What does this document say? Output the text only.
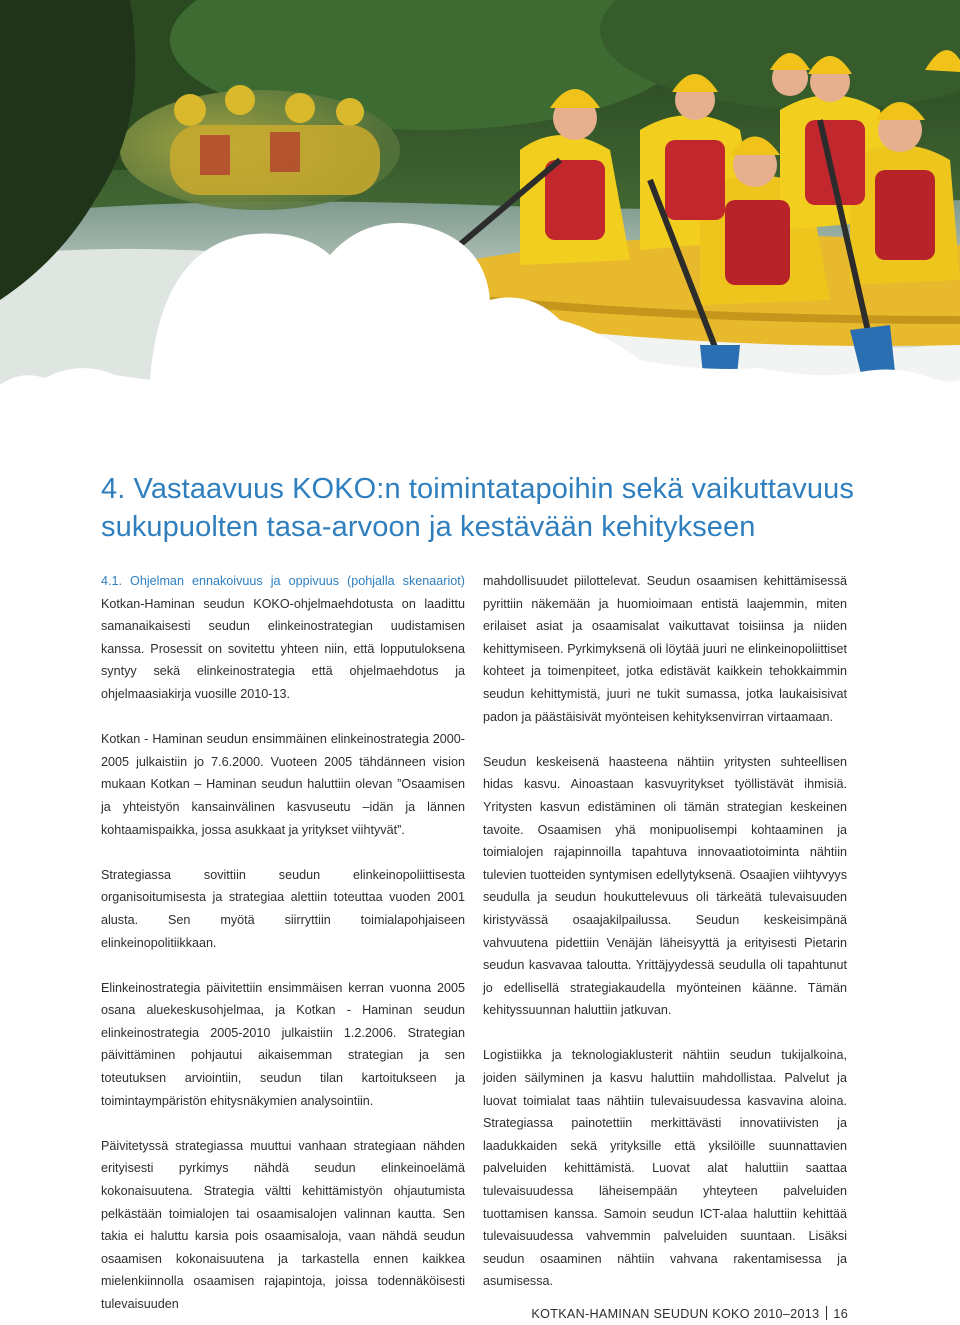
4. Vastaavuus KOKO:n toimintatapoihin sekä vaikuttavuus
sukupuolten tasa-arvoon ja kestävään kehitykseen

4.1. Ohjelman ennakoivuus ja oppivuus (pohjalla skenaariot) Kotkan-Haminan seudun KOKO-ohjelmaehdotusta on laadittu samanaikaisesti seudun elinkeinostrategian uudistamisen kanssa. Prosessit on sovitettu yhteen niin, että lopputuloksena syntyy sekä elinkeinostrategia että ohjelmaehdotus ja ohjelmaasiakirja vuosille 2010-13.

Kotkan - Haminan seudun ensimmäinen elinkeinostrategia 2000-2005 julkaistiin jo 7.6.2000. Vuoteen 2005 tähdänneen vision mukaan Kotkan – Haminan seudun haluttiin olevan ”Osaamisen ja yhteistyön kansainvälinen kasvuseutu –idän ja lännen kohtaamispaikka, jossa asukkaat ja yritykset viihtyvät”.

Strategiassa sovittiin seudun elinkeinopoliittisesta organisoitumisesta ja strategiaa alettiin toteuttaa vuoden 2001 alusta. Sen myötä siirryttiin toimialapohjaiseen elinkeinopolitiikkaan.

Elinkeinostrategia päivitettiin ensimmäisen kerran vuonna 2005 osana aluekeskusohjelmaa, ja Kotkan - Haminan seudun elinkeinostrategia 2005-2010 julkaistiin 1.2.2006. Strategian päivittäminen pohjautui aikaisemman strategian ja sen toteutuksen arviointiin, seudun tilan kartoitukseen ja toimintaympäristön ehitysnäkymien analysointiin.

Päivitetyssä strategiassa muuttui vanhaan strategiaan nähden erityisesti pyrkimys nähdä seudun elinkeinoelämä kokonaisuutena. Strategia vältti kehittämistyön ohjautumista pelkästään toimialojen tai osaamisalojen valinnan kautta. Sen takia ei haluttu karsia pois osaamisaloja, vaan nähdä seudun osaamisen kokonaisuutena ja tarkastella ennen kaikkea mielenkiinnolla osaamisen rajapintoja, joissa todennäköisesti tulevaisuuden

mahdollisuudet piilottelevat. Seudun osaamisen kehittämisessä pyrittiin näkemään ja huomioimaan entistä laajemmin, miten erilaiset asiat ja osaamisalat vaikuttavat toisiinsa ja niiden kehittymiseen. Pyrkimyksenä oli löytää juuri ne elinkeinopoliittiset kohteet ja toimenpiteet, jotka edistävät kaikkein tehokkaimmin seudun kehittymistä, juuri ne tukit sumassa, jotka laukaisisivat padon ja päästäisivät myönteisen kehityksenvirran virtaamaan.

Seudun keskeisenä haasteena nähtiin yritysten suhteellisen hidas kasvu. Ainoastaan kasvuyritykset työllistävät ihmisiä. Yritysten kasvun edistäminen oli tämän strategian keskeinen tavoite. Osaamisen yhä monipuolisempi kohtaaminen ja toimialojen rajapinnoilla tapahtuva innovaatiotoiminta nähtiin tulevien tuotteiden syntymisen edellytyksenä. Osaajien viihtyvyys seudulla ja seudun houkuttelevuus oli tärkeätä tulevaisuuden kiristyvässä osaajakilpailussa. Seudun keskeisimpänä vahvuutena pidettiin Venäjän läheisyyttä ja erityisesti Pietarin seudun kasvavaa taloutta. Yrittäjyydessä seudulla oli tapahtunut jo edellisellä strategiakaudella myönteinen käänne. Tämän kehityssuunnan haluttiin jatkuvan.

Logistiikka ja teknologiaklusterit nähtiin seudun tukijalkoina, joiden säilyminen ja kasvu haluttiin mahdollistaa. Palvelut ja luovat toimialat taas nähtiin tulevaisuudessa kasvavina aloina. Strategiassa painotettiin merkittävästi innovatiivisten ja laadukkaiden sekä yrityksille että yksilöille suunnattavien palveluiden kehittämistä. Luovat alat haluttiin saattaa tulevaisuudessa läheisempään yhteyteen palveluiden tuottamisen kanssa. Samoin seudun ICT-alaa haluttiin kehittää tulevaisuudessa vahvemmin palveluiden suuntaan. Lisäksi seudun osaaminen nähtiin vahvana rakentamisessa ja asumisessa.

KOTKAN-HAMINAN SEUDUN KOKO 2010–2013 16
